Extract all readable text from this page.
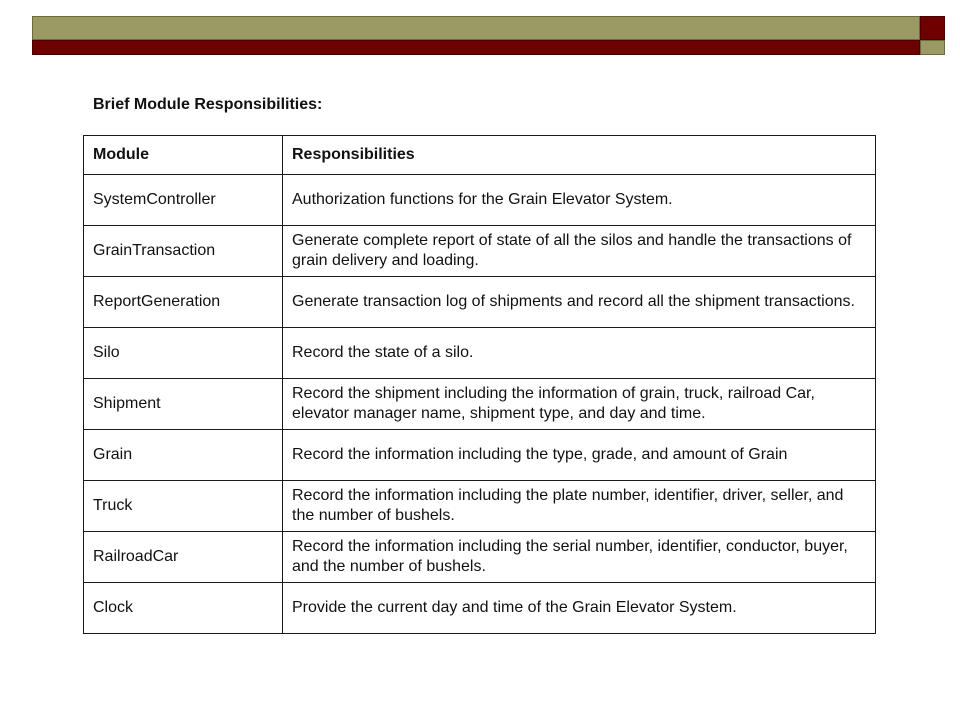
Brief Module Responsibilities:
Module	Responsibilities
SystemController	Authorization functions for the Grain Elevator System.
GrainTransaction	Generate complete report of state of all the silos and handle the transactions of grain delivery and loading.
ReportGeneration	Generate transaction log of shipments and record all the shipment transactions.
Silo	Record the state of a silo.
Shipment	Record the shipment including the information of grain, truck, railroad Car, elevator manager name, shipment type, and day and time.
Grain	Record the information including the type, grade, and amount of Grain
Truck	Record the information including the plate number, identifier, driver, seller, and the number of bushels.
RailroadCar	Record the information including the serial number, identifier, conductor, buyer, and the number of bushels.
Clock	Provide the current day and time of the Grain Elevator System.
